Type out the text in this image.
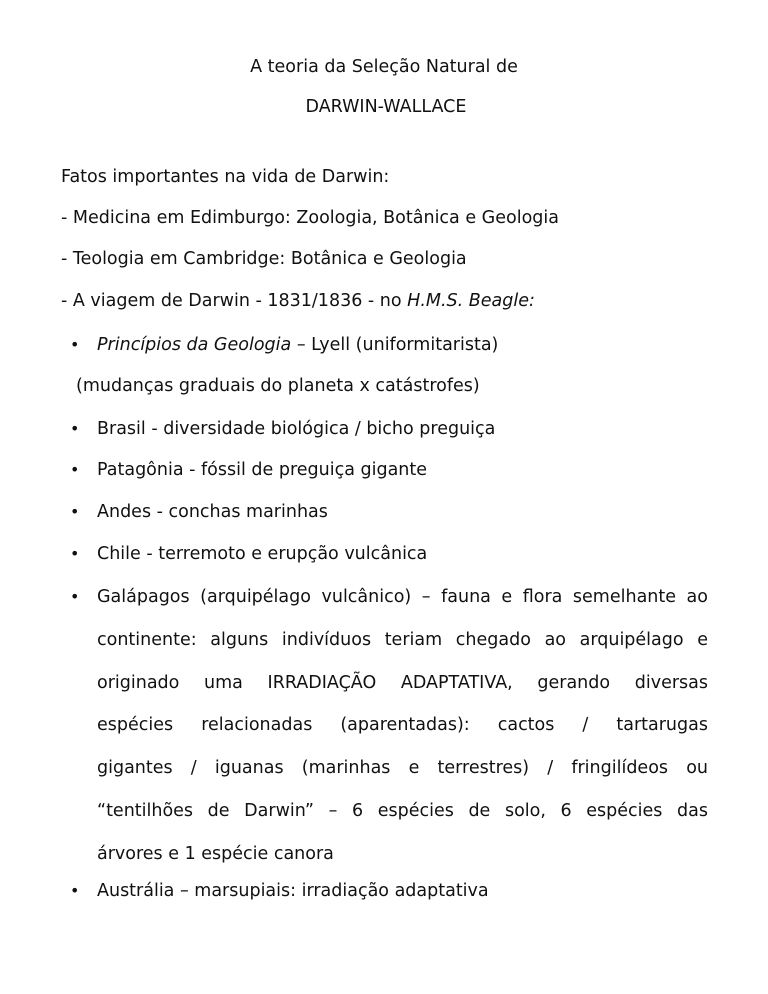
A teoria da Seleção Natural de
DARWIN-WALLACE
Fatos importantes na vida de Darwin:
- Medicina em Edimburgo: Zoologia, Botânica e Geologia
- Teologia em Cambridge: Botânica e Geologia
- A viagem de Darwin - 1831/1836 - no H.M.S. Beagle:
• Princípios da Geologia – Lyell (uniformitarista)
(mudanças graduais do planeta x catástrofes)
• Brasil - diversidade biológica / bicho preguiça
• Patagônia - fóssil de preguiça gigante
• Andes - conchas marinhas
• Chile - terremoto e erupção vulcânica
• Galápagos (arquipélago vulcânico) – fauna e flora semelhante ao
continente: alguns indivíduos teriam chegado ao arquipélago e
originado uma IRRADIAÇÃO ADAPTATIVA, gerando diversas
espécies relacionadas (aparentadas): cactos / tartarugas
gigantes / iguanas (marinhas e terrestres) / fringilídeos ou
“tentilhões de Darwin” – 6 espécies de solo, 6 espécies das
árvores e 1 espécie canora
• Austrália – marsupiais: irradiação adaptativa
